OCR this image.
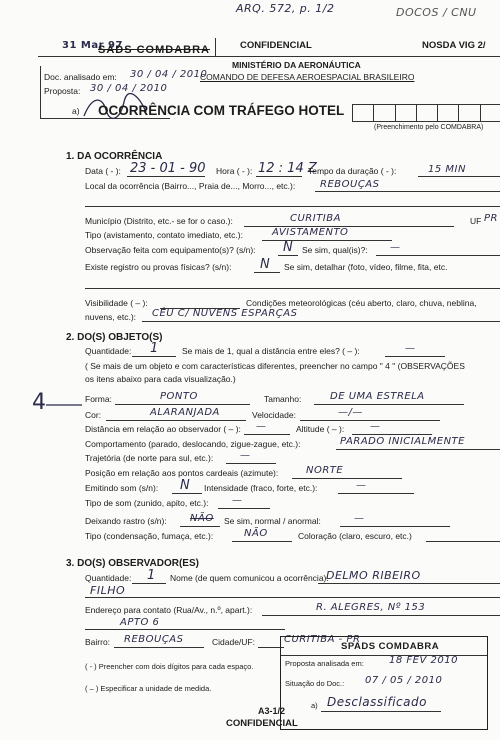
ARQ. 572, p. 1/2	DOCOS / CNU
31 Mar 97
SADS COMDABRA	CONFIDENCIAL	NOSDA VIG 2/
MINISTÉRIO DA AERONÁUTICA
Doc. analisado em: 30 / 04 / 2010
COMANDO DE DEFESA AEROESPACIAL BRASILEIRO
Proposta: 30 / 04 / 2010
a) OCORRÊNCIA COM TRÁFEGO HOTEL
(Preenchimento pelo COMDABRA)
1. DA OCORRÊNCIA
Data ( - ): 23 - 01 - 90 Hora ( - ): 12 : 14 Z
Tempo da duração ( - ):	15 MIN
Local da ocorrência (Bairro..., Praia de..., Morro..., etc.): REBOUÇAS
Município (Distrito, etc.- se for o caso.):	CURITIBA	UF PR
Tipo (avistamento, contato imediato, etc.):	AVISTAMENTO
Observação feita com equipamento(s)? (s/n): N Se sim, qual(is)?: —
Existe registro ou provas físicas? (s/n): N Se sim, detalhar (foto, vídeo, filme, fita, etc.
Visibilidade ( – ):	Condições meteorológicas (céu aberto, claro, chuva, neblina,
nuvens, etc.): CÉU C/ NUVENS ESPARÇAS
2. DO(S) OBJETO(S)
Quantidade: 1	Se mais de 1, qual a distância entre eles? ( – ):	—
( Se mais de um objeto e com características diferentes, preencher no campo " 4 " (OBSERVAÇÕES
os itens abaixo para cada visualização.)
4	Forma:	PONTO	Tamanho:	DE UMA ESTRELA
Cor:	ALARANJADA	Velocidade:	—/—
Distância em relação ao observador ( – ): —	Altitude ( – ):	—
Comportamento (parado, deslocando, zigue-zague, etc.):	PARADO INICIALMENTE
Trajetória (de norte para sul, etc.):	—
Posição em relação aos pontos cardeais (azimute):	NORTE
Emitindo som (s/n): N Intensidade (fraco, forte, etc.):	—
Tipo de som (zunido, apito, etc.): —
Deixando rastro (s/n): NÃO Se sim, normal / anormal:	—
Tipo (condensação, fumaça, etc.):	NÃO	Coloração (claro, escuro, etc.)
3. DO(S) OBSERVADOR(ES)
Quantidade: 1 Nome (de quem comunicou a ocorrência):
DELMO RIBEIRO
FILHO
Endereço para contato (Rua/Av., n.º, apart.):	R. ALEGRES, Nº 153
APTO 6
Bairro: REBOUÇAS	Cidade/UF:	CURITIBA - PR
( - ) Preencher com dois dígitos para cada espaço.
( – ) Especificar a unidade de medida.
SPADS COMDABRA
Proposta analisada em:	18 FEV 2010
Situação do Doc.: 07 / 05 / 2010
a) Desclassificado
A3-1/2
CONFIDENCIAL
